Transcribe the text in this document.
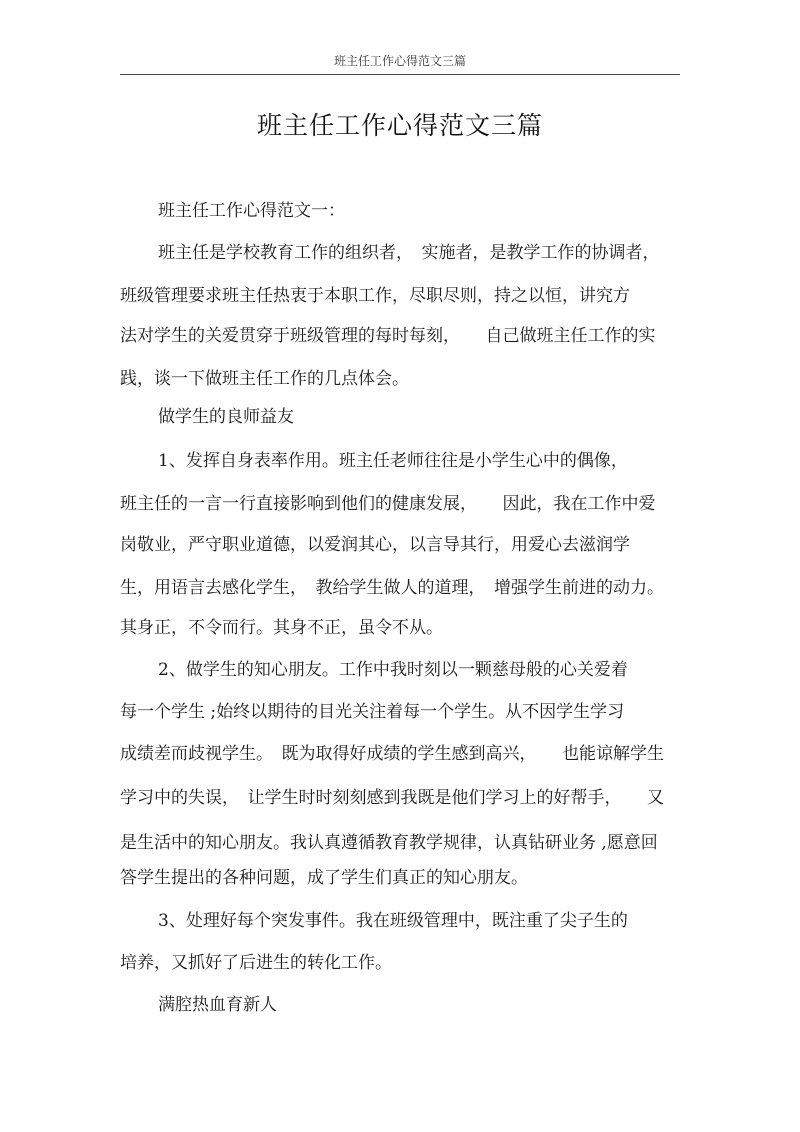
班主任工作心得范文三篇
班主任工作心得范文三篇
班主任工作心得范文一：
班主任是学校教育工作的组织者，　实施者，是教学工作的协调者，
班级管理要求班主任热衷于本职工作，尽职尽则，持之以恒，讲究方
法对学生的关爱贯穿于班级管理的每时每刻，　　自己做班主任工作的实
践，谈一下做班主任工作的几点体会。
做学生的良师益友
1、发挥自身表率作用。班主任老师往往是小学生心中的偶像，
班主任的一言一行直接影响到他们的健康发展，　　因此，我在工作中爱
岗敬业，严守职业道德，以爱润其心，以言导其行，用爱心去滋润学
生，用语言去感化学生，　教给学生做人的道理，　增强学生前进的动力。
其身正，不令而行。其身不正，虽令不从。
2、做学生的知心朋友。工作中我时刻以一颗慈母般的心关爱着
每一个学生 ;始终以期待的目光关注着每一个学生。从不因学生学习
成绩差而歧视学生。　既为取得好成绩的学生感到高兴，　　也能谅解学生
学习中的失误，　让学生时时刻刻感到我既是他们学习上的好帮手，　　又
是生活中的知心朋友。我认真遵循教育教学规律，认真钻研业务 ,愿意回
答学生提出的各种问题，成了学生们真正的知心朋友。
3、处理好每个突发事件。我在班级管理中，既注重了尖子生的
培养，又抓好了后进生的转化工作。
满腔热血育新人
